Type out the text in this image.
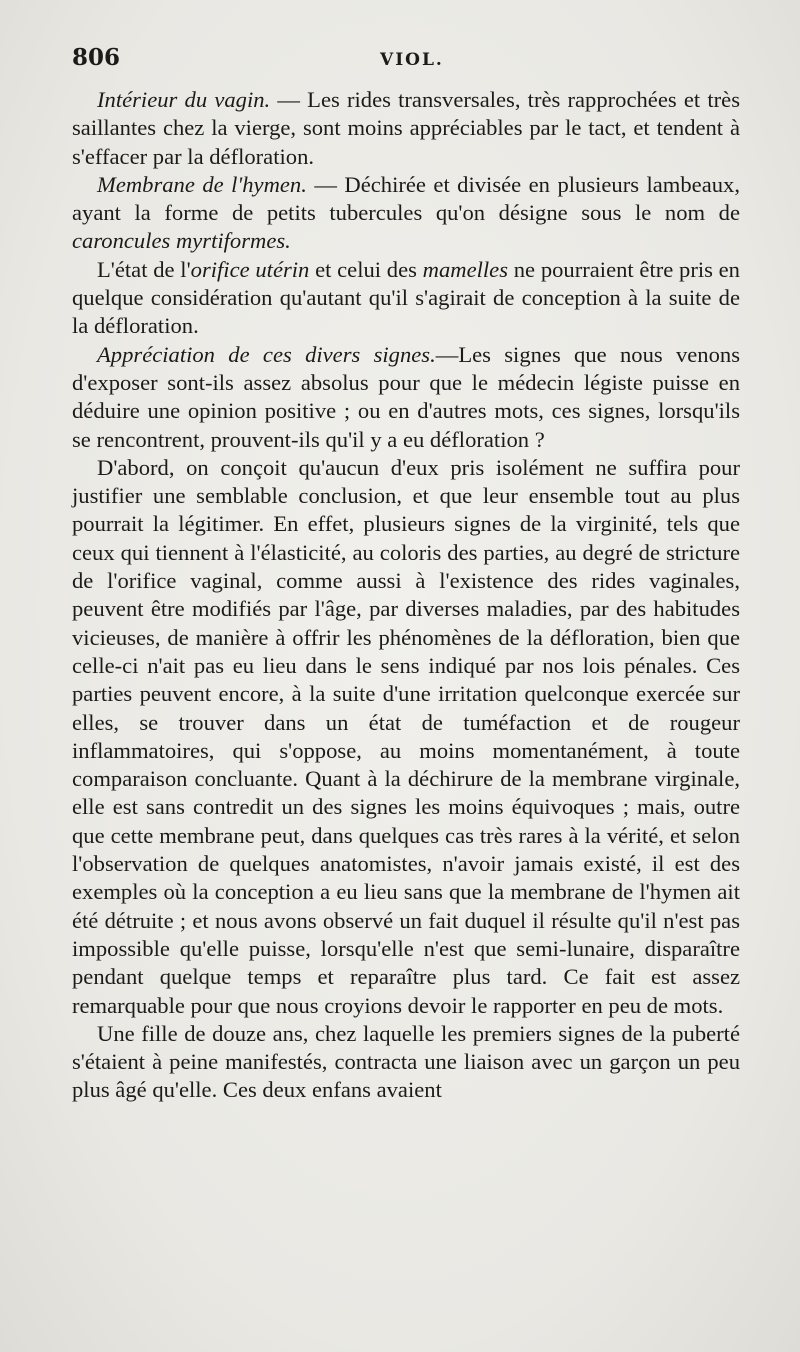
806	VIOL.

Intérieur du vagin. — Les rides transversales, très rapprochées et très saillantes chez la vierge, sont moins appréciables par le tact, et tendent à s'effacer par la défloration.

Membrane de l'hymen. — Déchirée et divisée en plusieurs lambeaux, ayant la forme de petits tubercules qu'on désigne sous le nom de caroncules myrtiformes.

L'état de l'orifice utérin et celui des mamelles ne pourraient être pris en quelque considération qu'autant qu'il s'agirait de conception à la suite de la défloration.

Appréciation de ces divers signes.—Les signes que nous venons d'exposer sont-ils assez absolus pour que le médecin légiste puisse en déduire une opinion positive ; ou en d'autres mots, ces signes, lorsqu'ils se rencontrent, prouvent-ils qu'il y a eu défloration ?

D'abord, on conçoit qu'aucun d'eux pris isolément ne suffira pour justifier une semblable conclusion, et que leur ensemble tout au plus pourrait la légitimer. En effet, plusieurs signes de la virginité, tels que ceux qui tiennent à l'élasticité, au coloris des parties, au degré de stricture de l'orifice vaginal, comme aussi à l'existence des rides vaginales, peuvent être modifiés par l'âge, par diverses maladies, par des habitudes vicieuses, de manière à offrir les phénomènes de la défloration, bien que celle-ci n'ait pas eu lieu dans le sens indiqué par nos lois pénales. Ces parties peuvent encore, à la suite d'une irritation quelconque exercée sur elles, se trouver dans un état de tuméfaction et de rougeur inflammatoires, qui s'oppose, au moins momentanément, à toute comparaison concluante. Quant à la déchirure de la membrane virginale, elle est sans contredit un des signes les moins équivoques ; mais, outre que cette membrane peut, dans quelques cas très rares à la vérité, et selon l'observation de quelques anatomistes, n'avoir jamais existé, il est des exemples où la conception a eu lieu sans que la membrane de l'hymen ait été détruite ; et nous avons observé un fait duquel il résulte qu'il n'est pas impossible qu'elle puisse, lorsqu'elle n'est que semi-lunaire, disparaître pendant quelque temps et reparaître plus tard. Ce fait est assez remarquable pour que nous croyions devoir le rapporter en peu de mots.

Une fille de douze ans, chez laquelle les premiers signes de la puberté s'étaient à peine manifestés, contracta une liaison avec un garçon un peu plus âgé qu'elle. Ces deux enfans avaient
